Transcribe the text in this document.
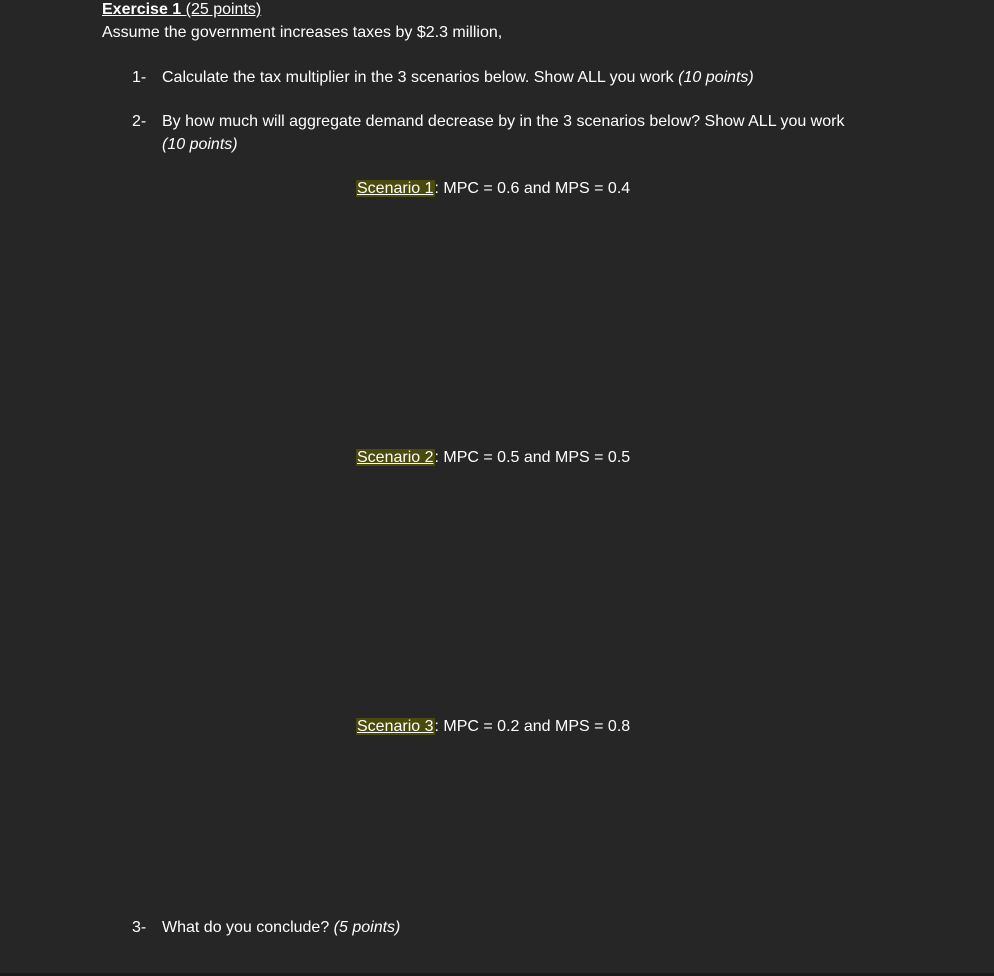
Exercise 1 (25 points)
Assume the government increases taxes by $2.3 million,
1- Calculate the tax multiplier in the 3 scenarios below. Show ALL you work (10 points)
2- By how much will aggregate demand decrease by in the 3 scenarios below? Show ALL you work
(10 points)
Scenario 1: MPC = 0.6 and MPS = 0.4
Scenario 2: MPC = 0.5 and MPS = 0.5
Scenario 3: MPC = 0.2 and MPS = 0.8
3- What do you conclude? (5 points)
